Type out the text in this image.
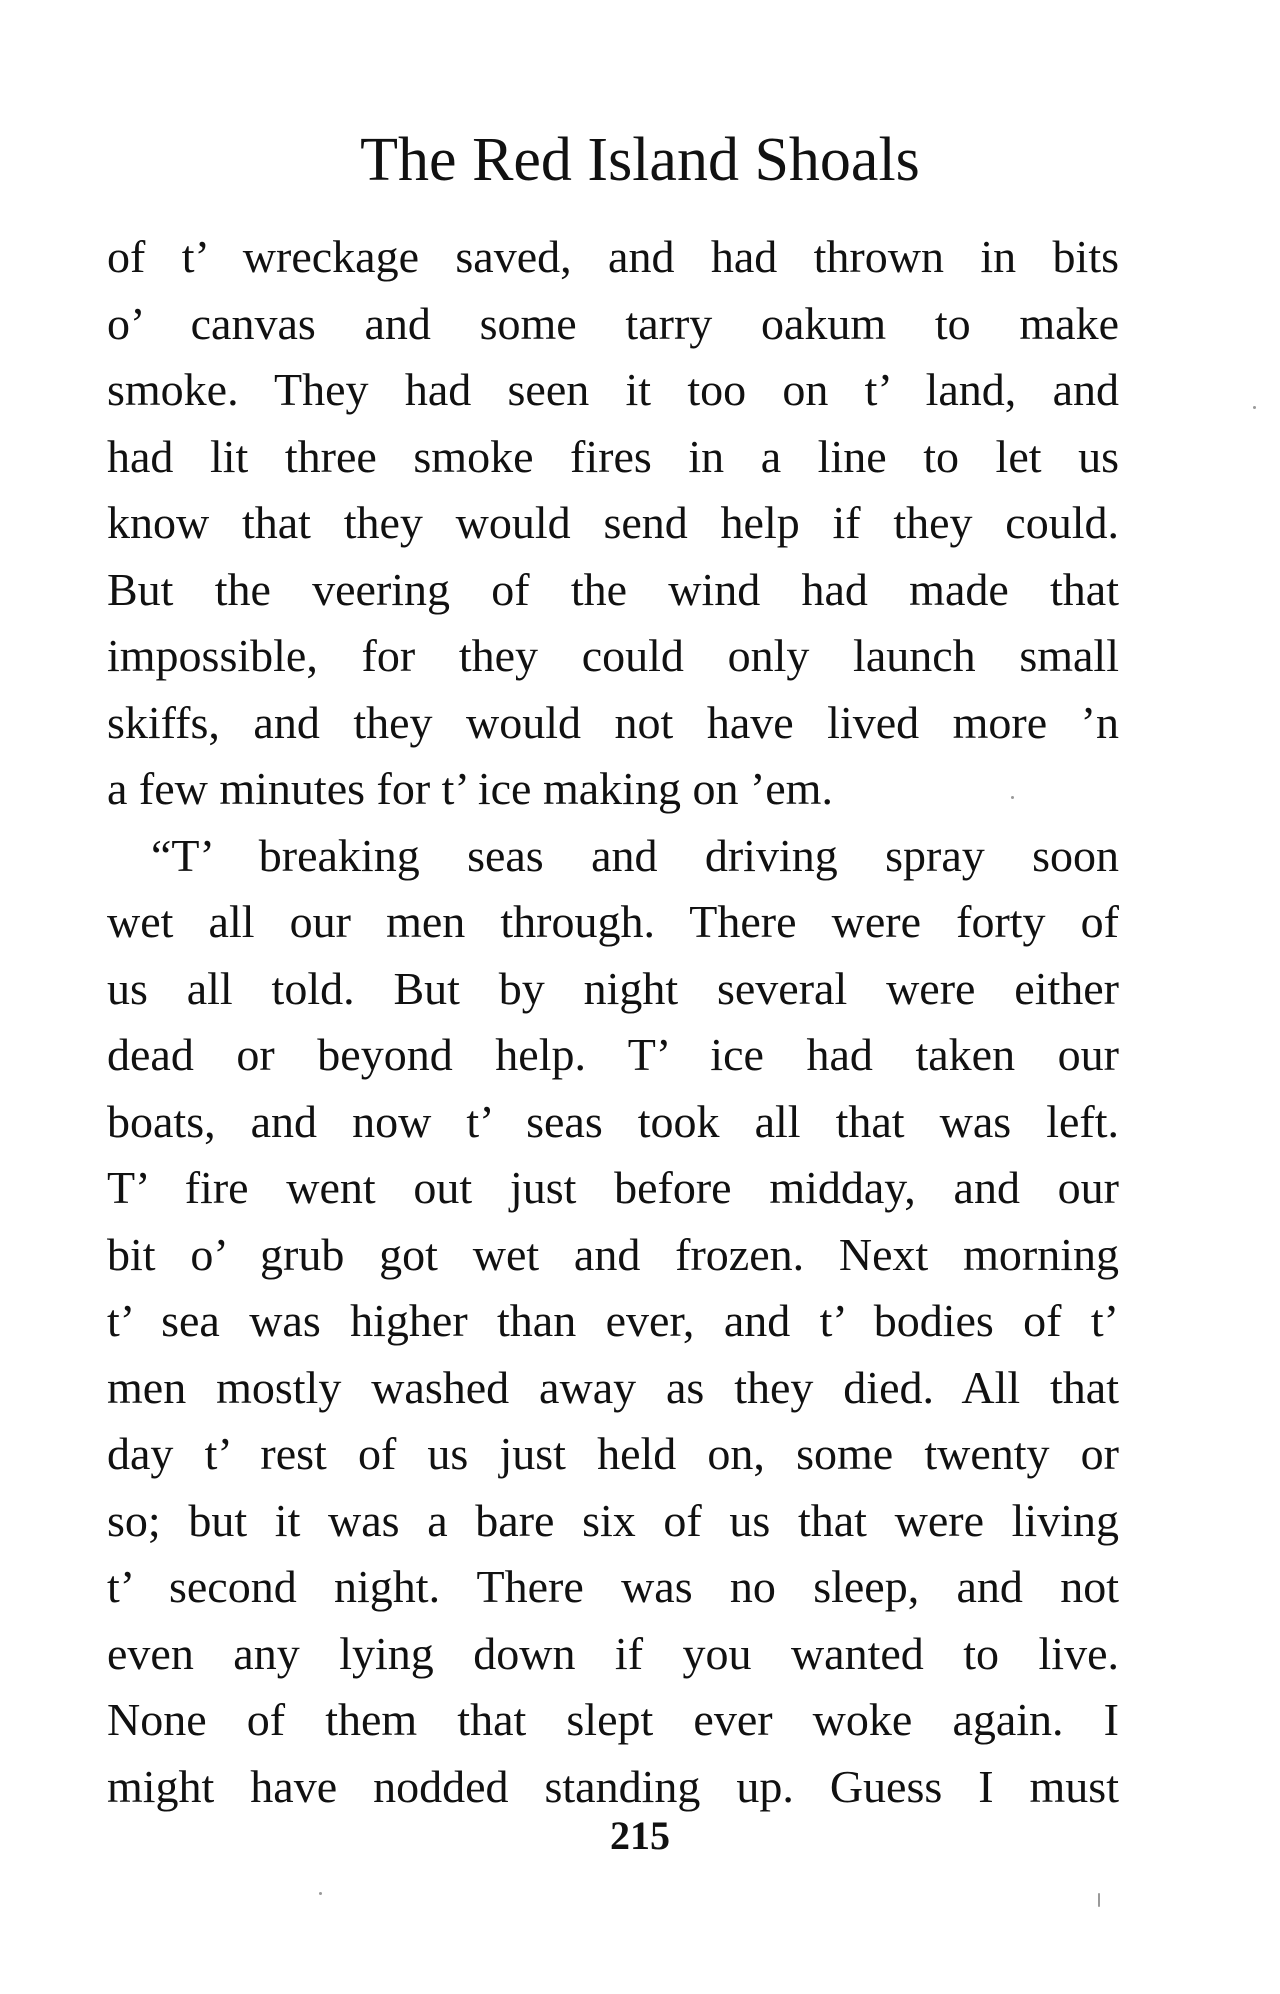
The Red Island Shoals
of t’ wreckage saved, and had thrown in bits
o’ canvas and some tarry oakum to make
smoke. They had seen it too on t’ land, and
had lit three smoke fires in a line to let us
know that they would send help if they could.
But the veering of the wind had made that
impossible, for they could only launch small
skiffs, and they would not have lived more ’n
a few minutes for t’ ice making on ’em.
“T’ breaking seas and driving spray soon
wet all our men through. There were forty of
us all told. But by night several were either
dead or beyond help. T’ ice had taken our
boats, and now t’ seas took all that was left.
T’ fire went out just before midday, and our
bit o’ grub got wet and frozen. Next morning
t’ sea was higher than ever, and t’ bodies of t’
men mostly washed away as they died. All that
day t’ rest of us just held on, some twenty or
so; but it was a bare six of us that were living
t’ second night. There was no sleep, and not
even any lying down if you wanted to live.
None of them that slept ever woke again. I
might have nodded standing up. Guess I must
215
